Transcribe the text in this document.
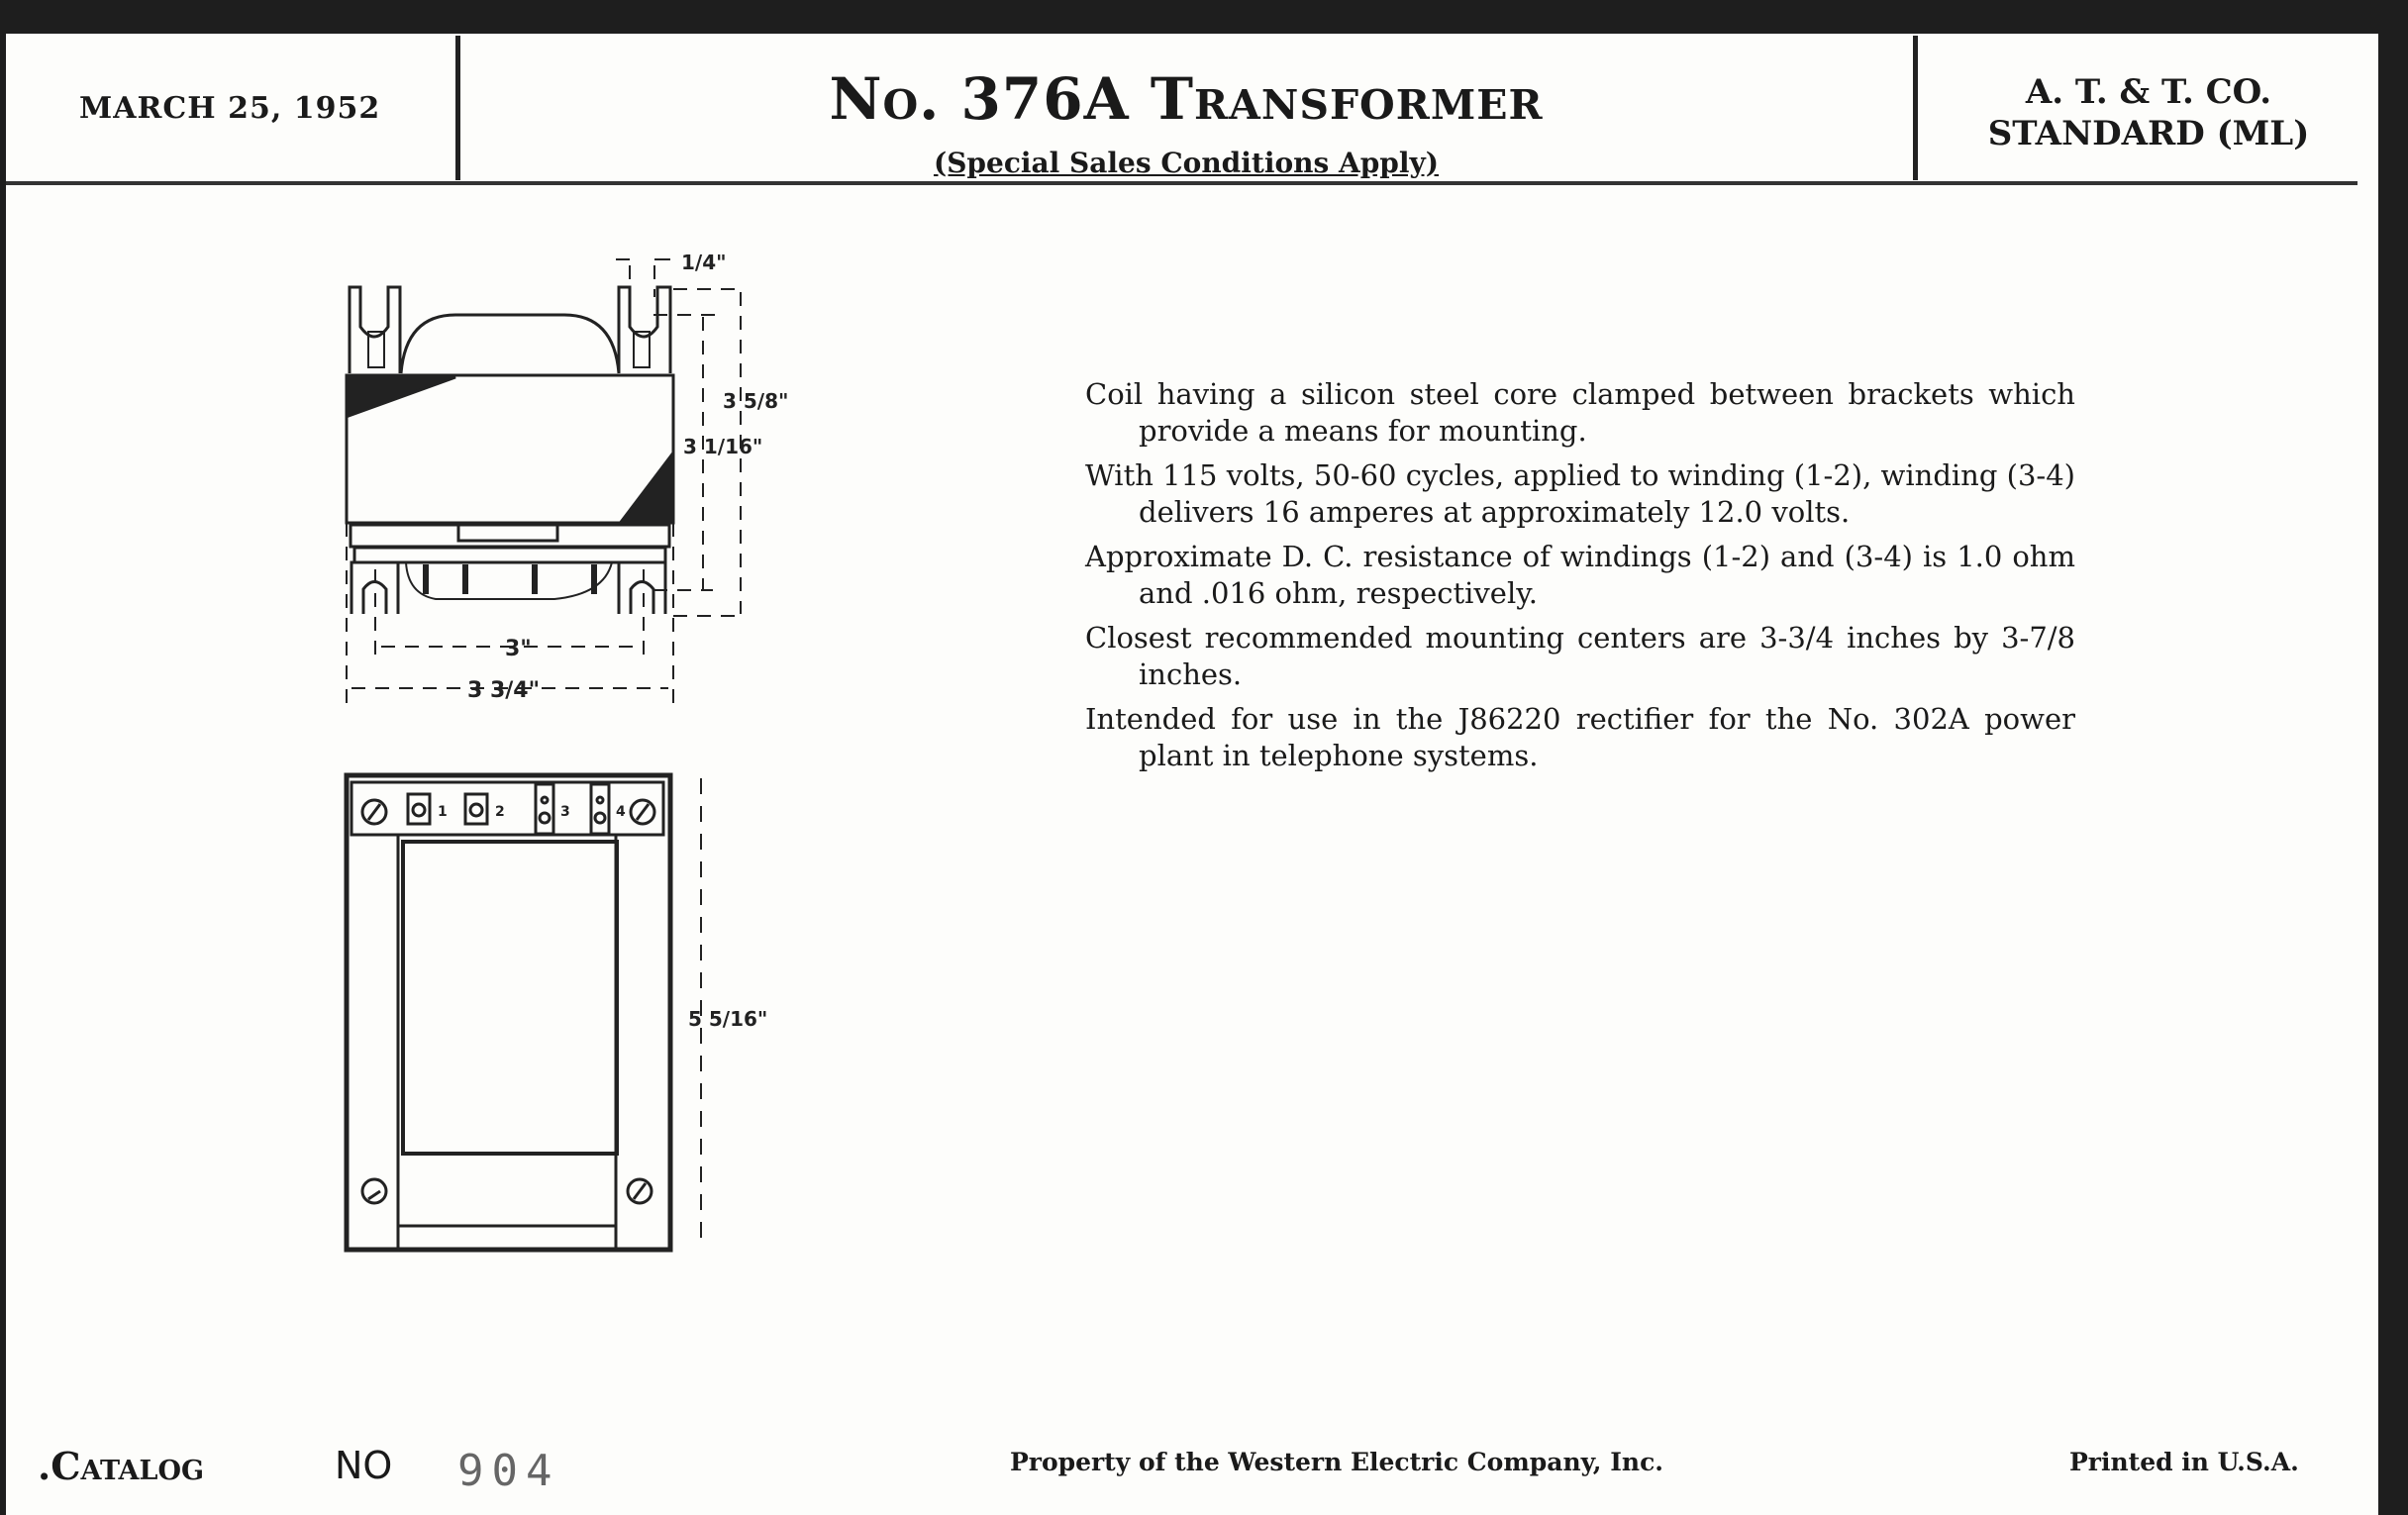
MARCH 25, 1952	No. 376A Transformer
(Special Sales Conditions Apply)
A. T. & T. CO.
STANDARD (ML)
1/4"
3 5/8"
3 1/16"
3"
3 3/4"
1	2	3	4
5 5/16"

Coil having a silicon steel core clamped between brackets which provide a means for mounting.

With 115 volts, 50-60 cycles, applied to winding (1-2), winding (3-4) delivers 16 amperes at approximately 12.0 volts.

Approximate D. C. resistance of windings (1-2) and (3-4) is 1.0 ohm and .016 ohm, respectively.

Closest recommended mounting centers are 3-3/4 inches by 3-7/8 inches.

Intended for use in the J86220 rectifier for the No. 302A power plant in telephone systems.

.Catalog	NO 904	Property of the Western Electric Company, Inc.	Printed in U.S.A.
